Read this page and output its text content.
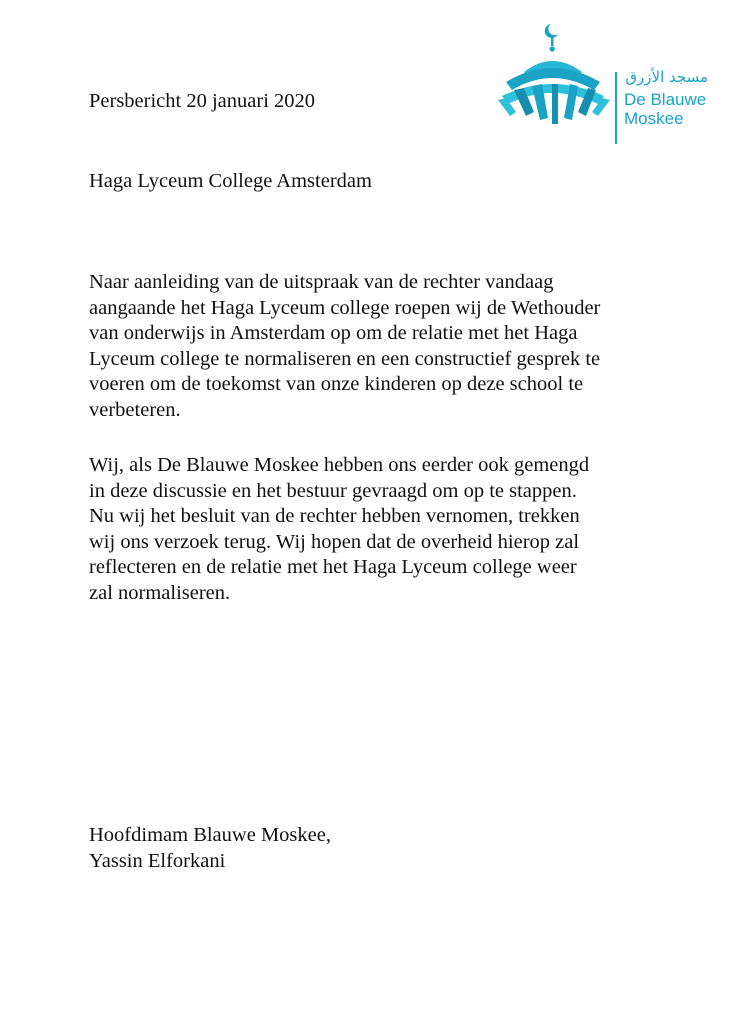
مسجد الأزرق
De Blauwe
Moskee
Persbericht 20 januari 2020
Haga Lyceum College Amsterdam
Naar aanleiding van de uitspraak van de rechter vandaag
aangaande het Haga Lyceum college roepen wij de Wethouder
van onderwijs in Amsterdam op om de relatie met het Haga
Lyceum college te normaliseren en een constructief gesprek te
voeren om de toekomst van onze kinderen op deze school te
verbeteren.
Wij, als De Blauwe Moskee hebben ons eerder ook gemengd
in deze discussie en het bestuur gevraagd om op te stappen.
Nu wij het besluit van de rechter hebben vernomen, trekken
wij ons verzoek terug. Wij hopen dat de overheid hierop zal
reflecteren en de relatie met het Haga Lyceum college weer
zal normaliseren.
Hoofdimam Blauwe Moskee,
Yassin Elforkani
